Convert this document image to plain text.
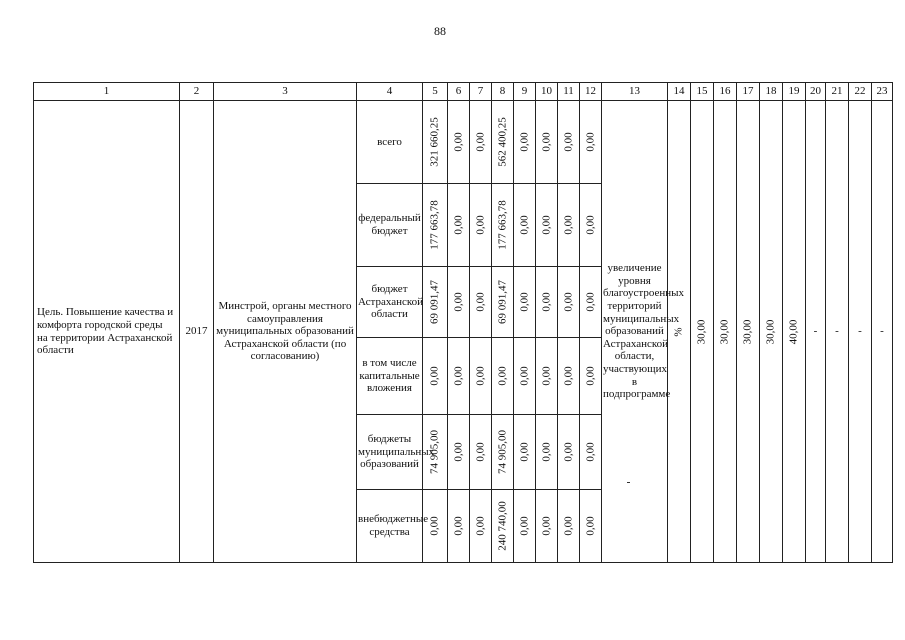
88
1	2	3	4	5	6	7	8	9	10	11	12	13	14	15	16	17	18	19	20	21	22	23
Цель. Повышение качества и комфорта городской среды на территории Астраханской области	2017	Минстрой, органы местного самоуправления муниципальных образований Астраханской области (по согласованию)	всего	321 660,25	0,00	0,00	562 400,25	0,00	0,00	0,00	0,00	увеличение уровня благоустроенных территорий муниципальных образований Астраханской области, участвующих в подпрограмме	%	30,00	30,00	30,00	30,00	40,00	-	-	-	-
			федеральный бюджет	177 663,78	0,00	0,00	177 663,78	0,00	0,00	0,00	0,00											

			бюджет Астраханской области	69 091,47	0,00	0,00	69 091,47	0,00	0,00	0,00	0,00											

			в том числе капитальные вложения	0,00	0,00	0,00	0,00	0,00	0,00	0,00	0,00											

			бюджеты муниципальных образований	74 905,00	0,00	0,00	74 905,00	0,00	0,00	0,00	0,00											

			внебюджетные средства	0,00	0,00	0,00	240 740,00	0,00	0,00	0,00	0,00											
